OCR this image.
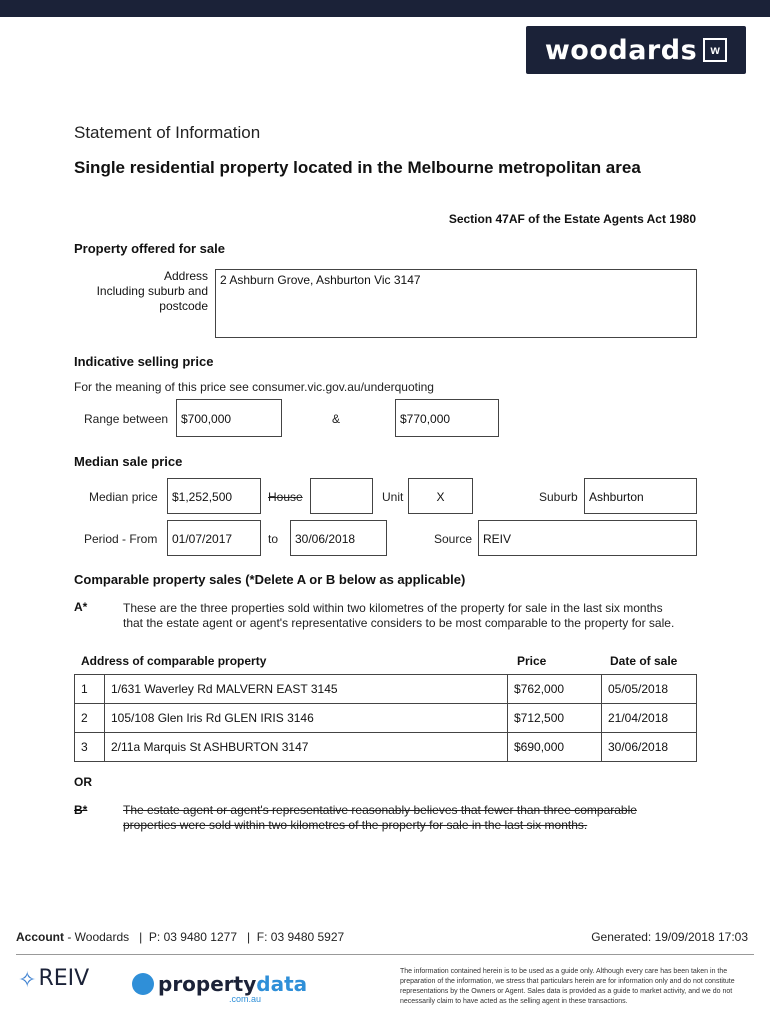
woodards	w
Statement of Information
Single residential property located in the Melbourne metropolitan area
Section 47AF of the Estate Agents Act 1980
Property offered for sale
Address
Including suburb and
postcode
2 Ashburn Grove, Ashburton Vic 3147
Indicative selling price
For the meaning of this price see consumer.vic.gov.au/underquoting
Range between	$700,000	&	$770,000
Median sale price
Median price	$1,252,500	House	Unit	X	Suburb Ashburton
Period - From	01/07/2017	to	30/06/2018	Source REIV
Comparable property sales (*Delete A or B below as applicable)
A*	These are the three properties sold within two kilometres of the property for sale in the last six months that the estate agent or agent's representative considers to be most comparable to the property for sale.
Address of comparable property	Price	Date of sale
1	1/631 Waverley Rd MALVERN EAST 3145	$762,000	05/05/2018
2	105/108 Glen Iris Rd GLEN IRIS 3146	$712,500	21/04/2018
3	2/11a Marquis St ASHBURTON 3147	$690,000	30/06/2018
OR
B*	The estate agent or agent's representative reasonably believes that fewer than three comparable properties were sold within two kilometres of the property for sale in the last six months.
Account - Woodards   |  P: 03 9480 1277   |  F: 03 9480 5927	Generated: 19/09/2018 17:03
✧ REIV	propertydata
.com.au
The information contained herein is to be used as a guide only. Although every care has been taken in the preparation of the information, we stress that particulars herein are for information only and do not constitute representations by the Owners or Agent. Sales data is provided as a guide to market activity, and we do not necessarily claim to have acted as the selling agent in these transactions.
